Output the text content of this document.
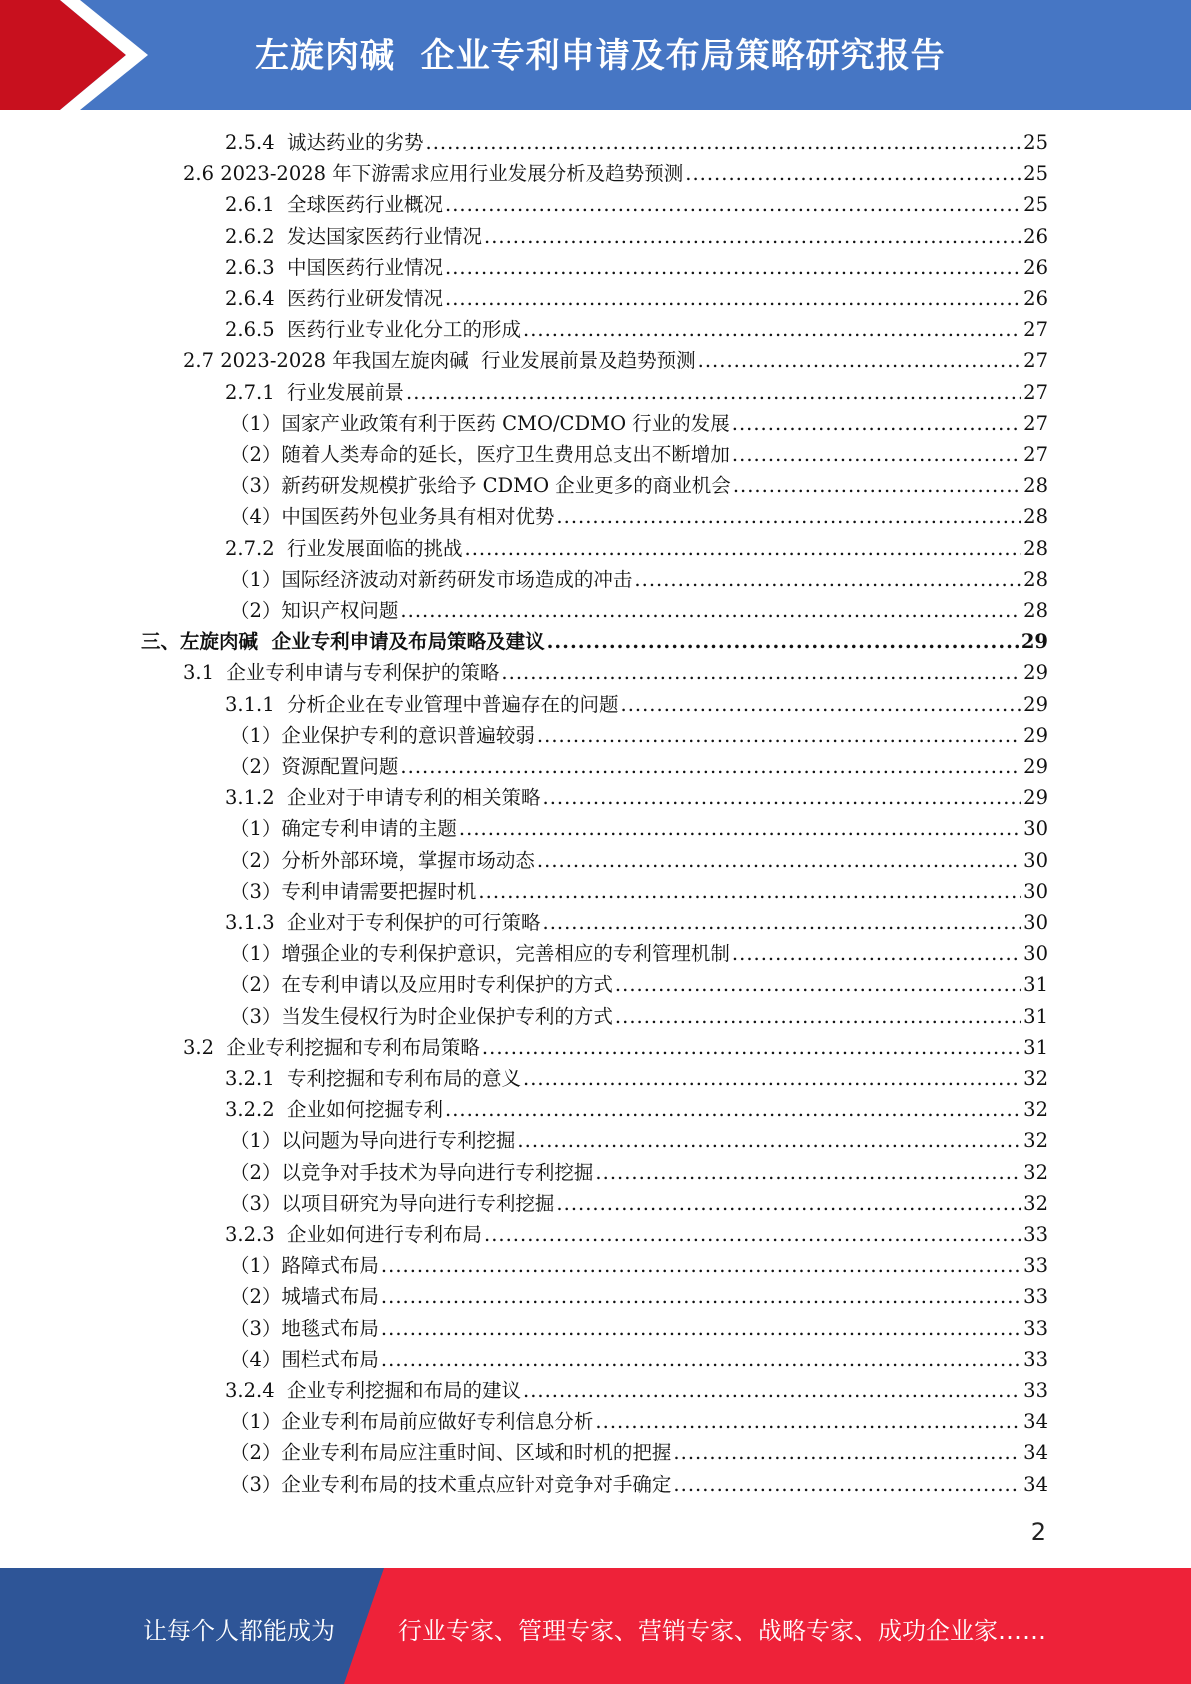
左旋肉碱  企业专利申请及布局策略研究报告
2.5.4  诚达药业的劣势 .....	25
2.6 2023-2028 年下游需求应用行业发展分析及趋势预测 .....	25
2.6.1  全球医药行业概况 .....	25
2.6.2  发达国家医药行业情况 .....	26
2.6.3  中国医药行业情况 .....	26
2.6.4  医药行业研发情况 .....	26
2.6.5  医药行业专业化分工的形成 .....	27
2.7 2023-2028 年我国左旋肉碱  行业发展前景及趋势预测 .....	27
2.7.1  行业发展前景 .....	27
（1）国家产业政策有利于医药 CMO/CDMO 行业的发展 .....	27
（2）随着人类寿命的延长，医疗卫生费用总支出不断增加 .....	27
（3）新药研发规模扩张给予 CDMO 企业更多的商业机会 .....	28
（4）中国医药外包业务具有相对优势 .....	28
2.7.2  行业发展面临的挑战 .....	28
（1）国际经济波动对新药研发市场造成的冲击 .....	28
（2）知识产权问题 .....	28
三、左旋肉碱  企业专利申请及布局策略及建议 .....	29
3.1  企业专利申请与专利保护的策略 .....	29
3.1.1  分析企业在专业管理中普遍存在的问题 .....	29
（1）企业保护专利的意识普遍较弱 .....	29
（2）资源配置问题 .....	29
3.1.2  企业对于申请专利的相关策略 .....	29
（1）确定专利申请的主题 .....	30
（2）分析外部环境，掌握市场动态 .....	30
（3）专利申请需要把握时机 .....	30
3.1.3  企业对于专利保护的可行策略 .....	30
（1）增强企业的专利保护意识，完善相应的专利管理机制 .....	30
（2）在专利申请以及应用时专利保护的方式 .....	31
（3）当发生侵权行为时企业保护专利的方式 .....	31
3.2  企业专利挖掘和专利布局策略 .....	31
3.2.1  专利挖掘和专利布局的意义 .....	32
3.2.2  企业如何挖掘专利 .....	32
（1）以问题为导向进行专利挖掘 .....	32
（2）以竞争对手技术为导向进行专利挖掘 .....	32
（3）以项目研究为导向进行专利挖掘 .....	32
3.2.3  企业如何进行专利布局 .....	33
（1）路障式布局 .....	33
（2）城墙式布局 .....	33
（3）地毯式布局 .....	33
（4）围栏式布局 .....	33
3.2.4  企业专利挖掘和布局的建议 .....	33
（1）企业专利布局前应做好专利信息分析 .....	34
（2）企业专利布局应注重时间、区域和时机的把握 .....	34
（3）企业专利布局的技术重点应针对竞争对手确定 .....	34
2
让每个人都能成为	行业专家、管理专家、营销专家、战略专家、成功企业家……
